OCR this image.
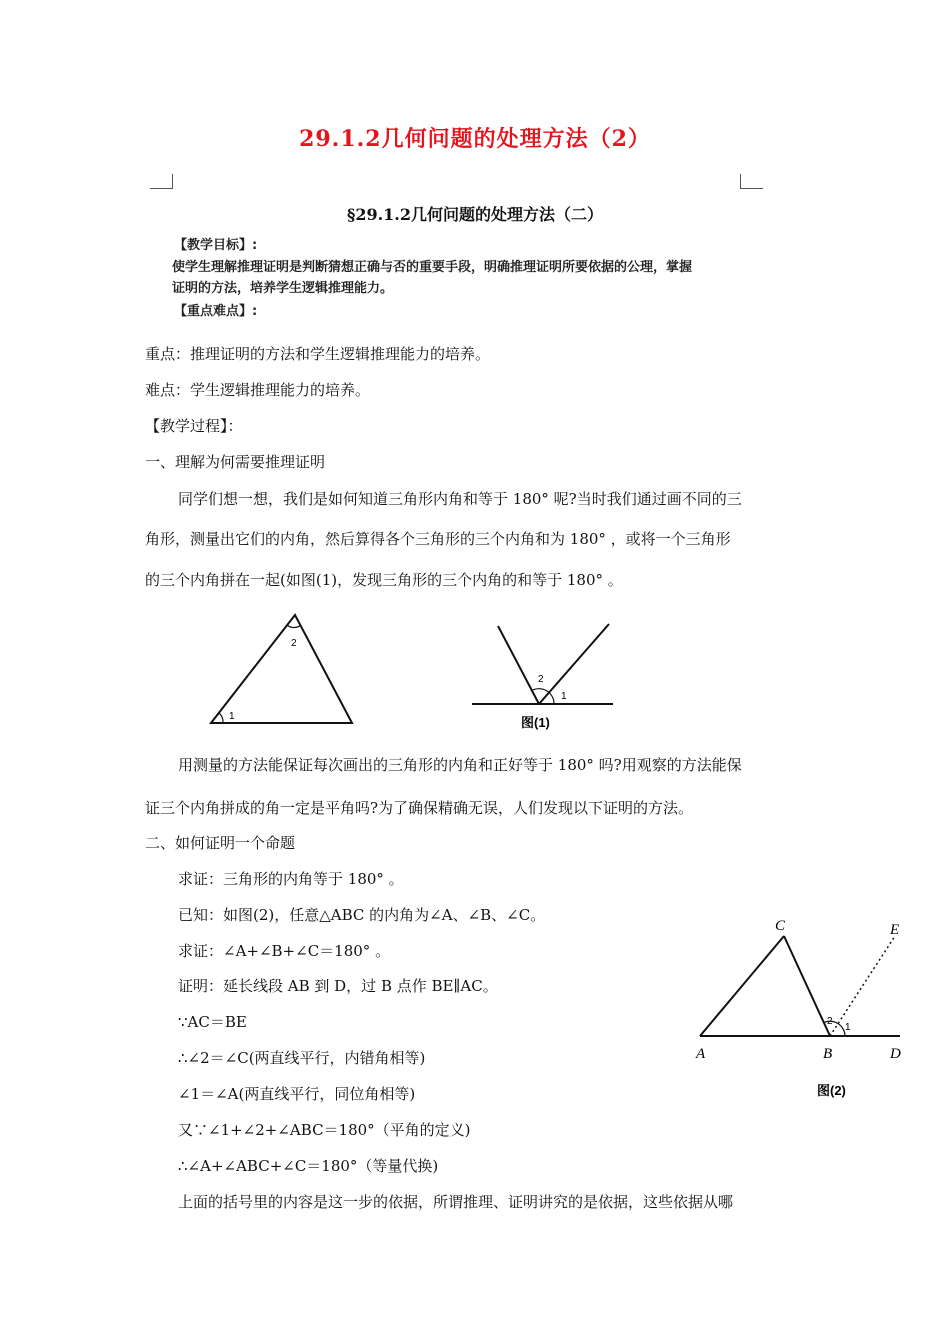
29.1.2几何问题的处理方法（2）
§29.1.2几何问题的处理方法（二）
【教学目标】:
使学生理解推理证明是判断猜想正确与否的重要手段，明确推理证明所要依据的公理，掌握
证明的方法，培养学生逻辑推理能力。
【重点难点】:
重点：推理证明的方法和学生逻辑推理能力的培养。
难点：学生逻辑推理能力的培养。
【教学过程】：
一、理解为何需要推理证明
同学们想一想，我们是如何知道三角形内角和等于 180° 呢?当时我们通过画不同的三
角形，测量出它们的内角，然后算得各个三角形的三个内角和为 180° ，或将一个三角形
的三个内角拼在一起(如图(1)，发现三角形的三个内角的和等于 180° 。
1
2
2
1
图(1)
用测量的方法能保证每次画出的三角形的内角和正好等于 180° 吗?用观察的方法能保
证三个内角拼成的角一定是平角吗?为了确保精确无误，人们发现以下证明的方法。
二、如何证明一个命题
求证：三角形的内角等于 180° 。
已知：如图(2)，任意△ABC 的内角为∠A、∠B、∠C。
求证：∠A+∠B+∠C＝180° 。
证明：延长线段 AB 到 D，过 B 点作 BE∥AC。
∵AC＝BE
∴∠2＝∠C(两直线平行，内错角相等)
∠1＝∠A(两直线平行，同位角相等)
又∵∠1+∠2+∠ABC＝180°（平角的定义)
∴∠A+∠ABC+∠C＝180°（等量代换)
上面的括号里的内容是这一步的依据，所谓推理、证明讲究的是依据，这些依据从哪
C	E
A	B	D
2
1
图(2)
